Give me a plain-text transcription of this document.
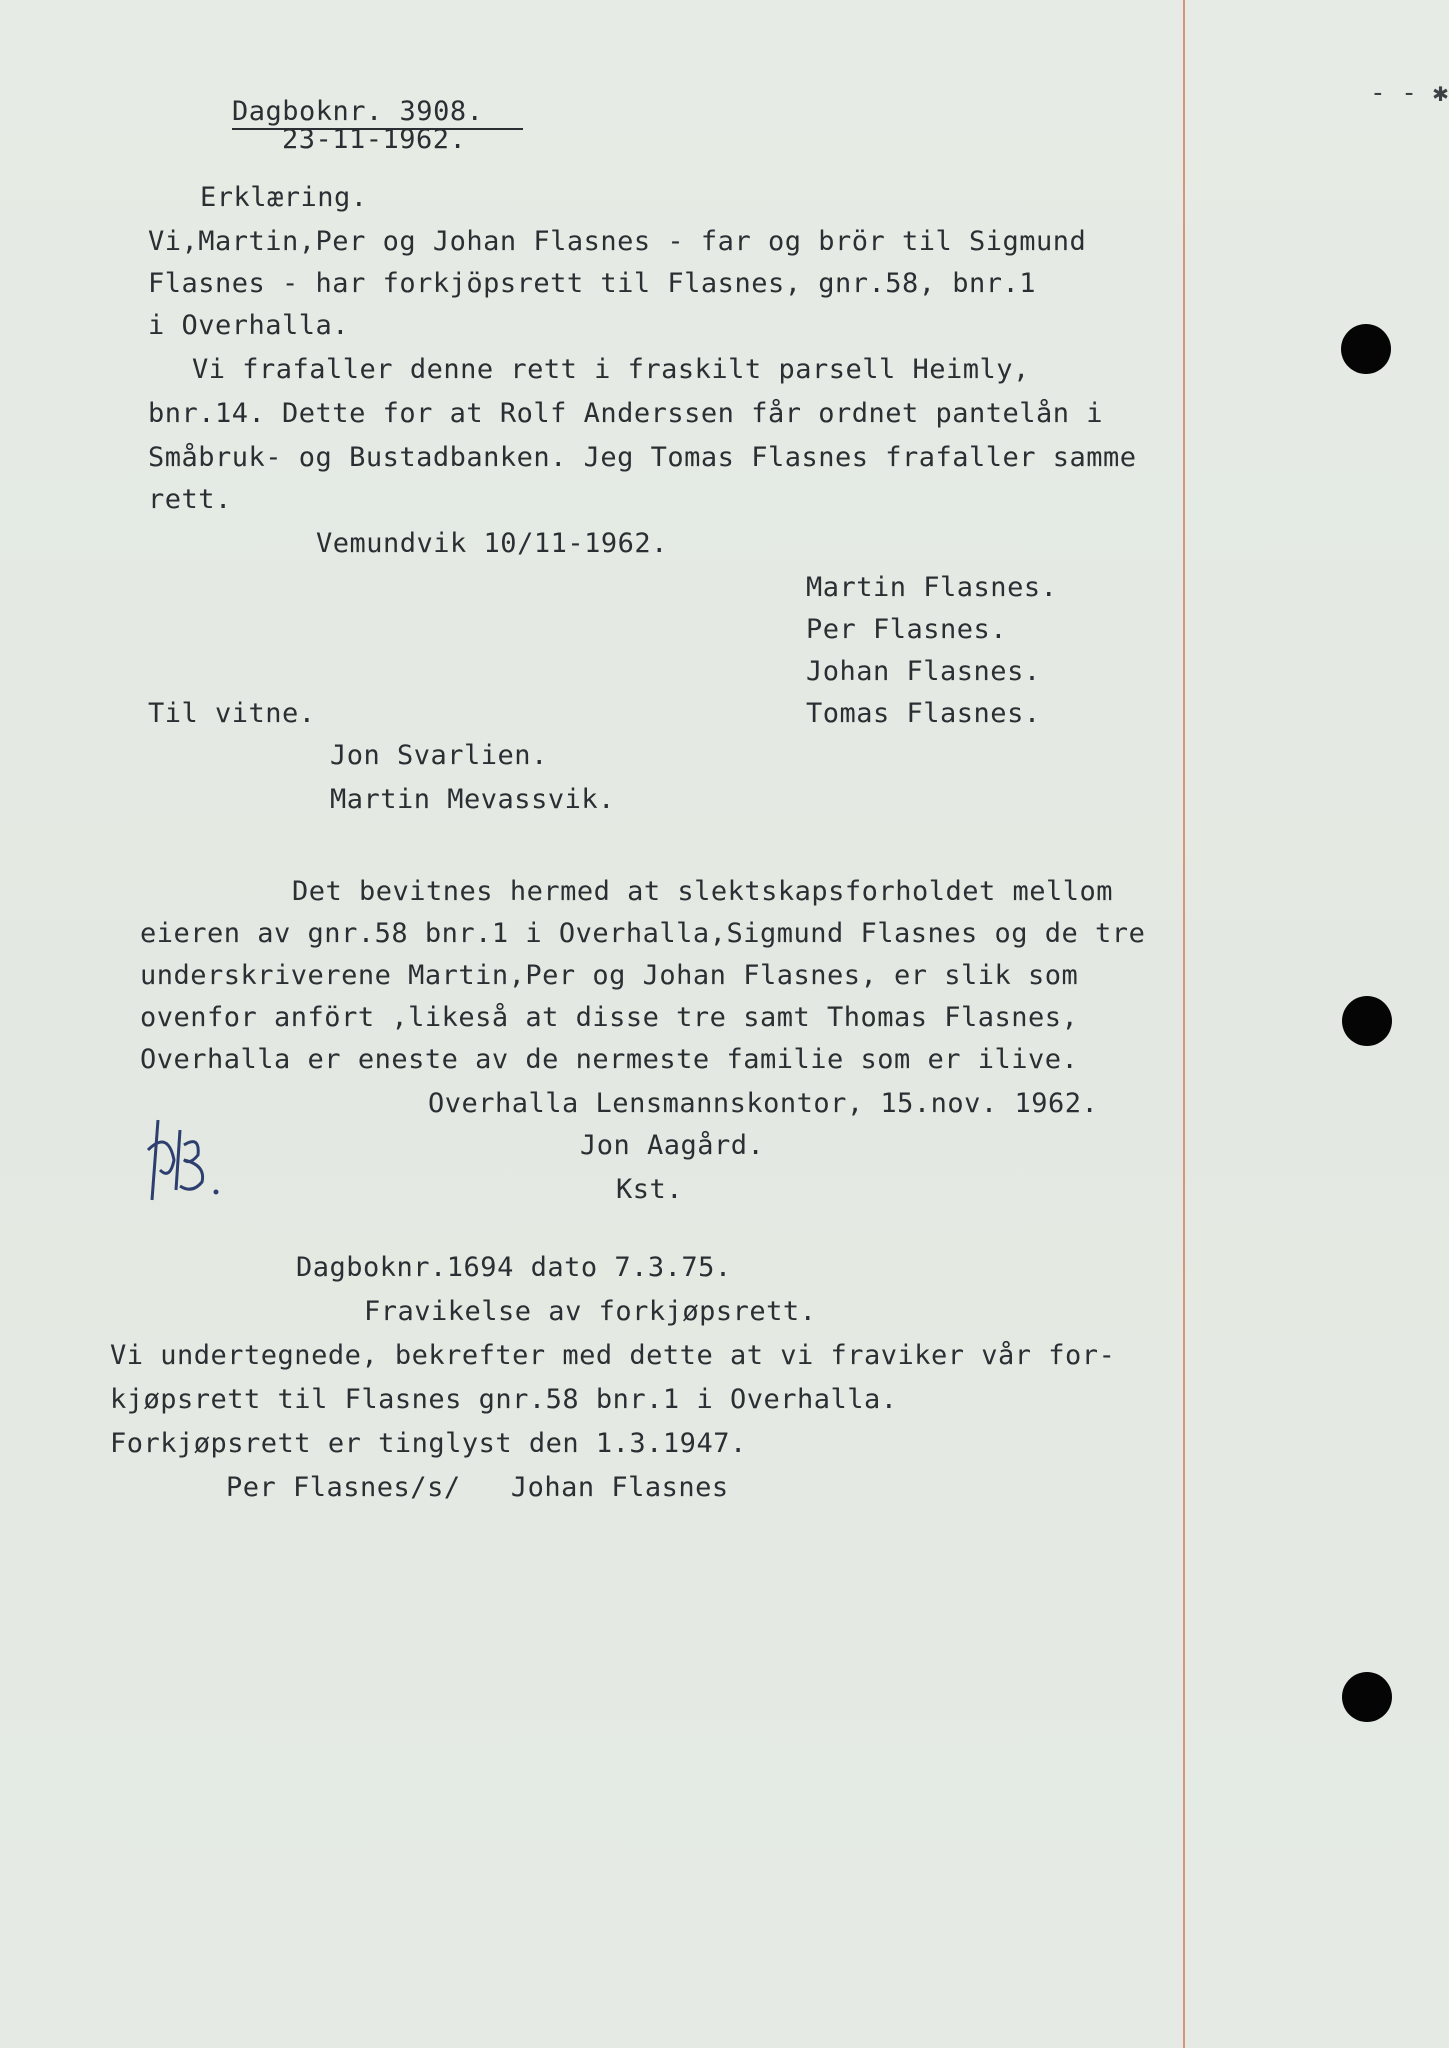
- - ✱
Dagboknr. 3908.
23-11-1962.
Erklæring.
Vi,Martin,Per og Johan Flasnes - far og brör til Sigmund
Flasnes - har forkjöpsrett til Flasnes, gnr.58, bnr.1
i Overhalla.
Vi frafaller denne rett i fraskilt parsell Heimly,
bnr.14. Dette for at Rolf Anderssen får ordnet pantelån i
Småbruk- og Bustadbanken. Jeg Tomas Flasnes frafaller samme
rett.
Vemundvik 10/11-1962.
Martin Flasnes.
Per Flasnes.
Johan Flasnes.
Til vitne.	Tomas Flasnes.
Jon Svarlien.
Martin Mevassvik.
Det bevitnes hermed at slektskapsforholdet mellom
eieren av gnr.58 bnr.1 i Overhalla,Sigmund Flasnes og de tre
underskriverene Martin,Per og Johan Flasnes, er slik som
ovenfor anfört ,likeså at disse tre samt Thomas Flasnes,
Overhalla er eneste av de nermeste familie som er ilive.
Overhalla Lensmannskontor, 15.nov. 1962.
Jon Aagård.
Kst.
Dagboknr.1694 dato 7.3.75.
Fravikelse av forkjøpsrett.
Vi undertegnede, bekrefter med dette at vi fraviker vår for-
kjøpsrett til Flasnes gnr.58 bnr.1 i Overhalla.
Forkjøpsrett er tinglyst den 1.3.1947.
Per Flasnes/s/   Johan Flasnes
